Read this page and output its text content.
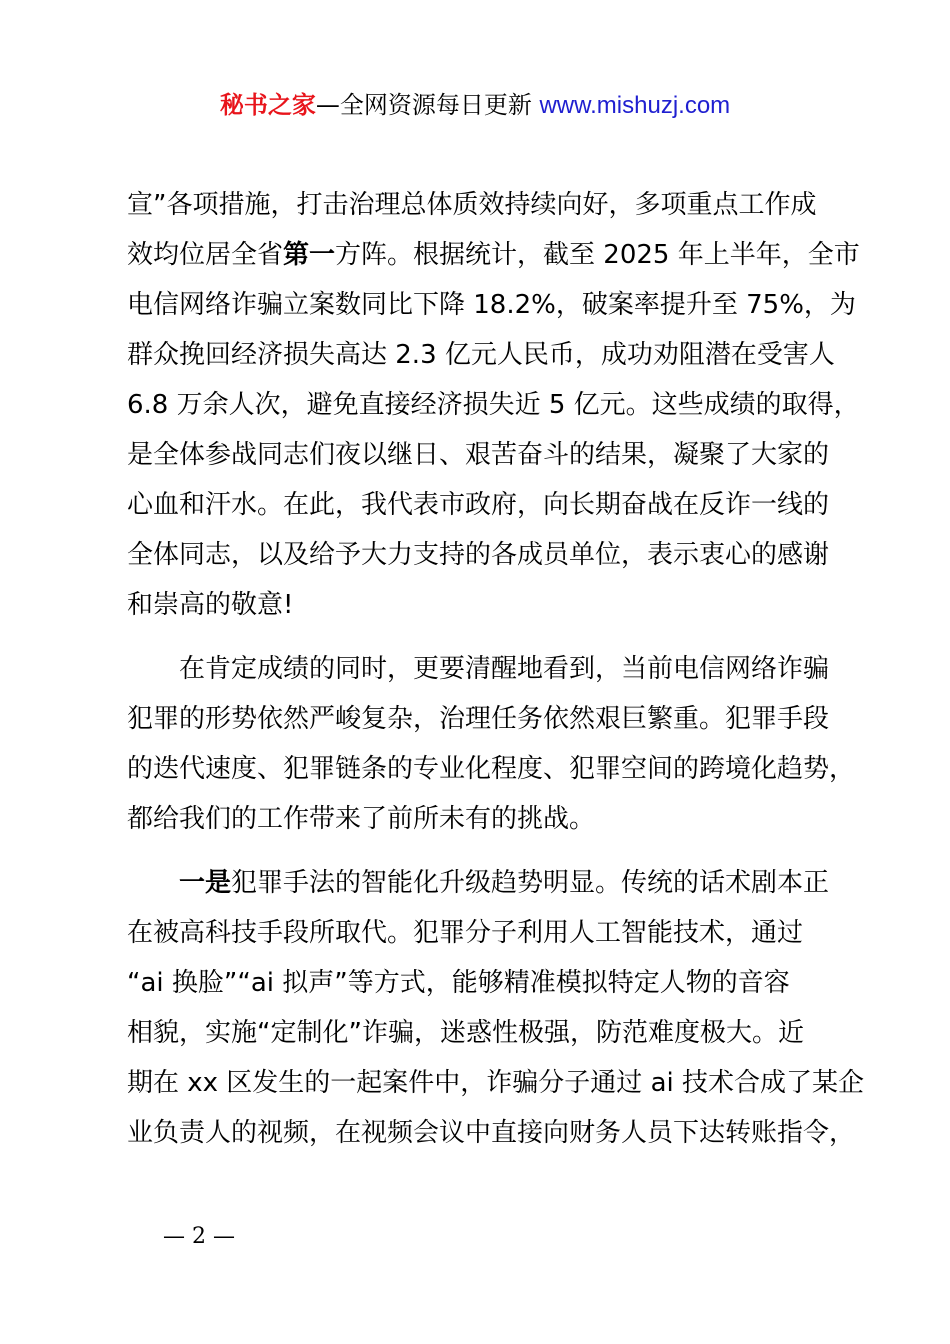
秘书之家—全网资源每日更新 www.mishuzj.com

宣”各项措施，打击治理总体质效持续向好，多项重点工作成
效均位居全省第一方阵。根据统计，截至 2025 年上半年，全市
电信网络诈骗立案数同比下降 18.2%，破案率提升至 75%，为
群众挽回经济损失高达 2.3 亿元人民币，成功劝阻潜在受害人
6.8 万余人次，避免直接经济损失近 5 亿元。这些成绩的取得，
是全体参战同志们夜以继日、艰苦奋斗的结果，凝聚了大家的
心血和汗水。在此，我代表市政府，向长期奋战在反诈一线的
全体同志，以及给予大力支持的各成员单位，表示衷心的感谢
和崇高的敬意!

在肯定成绩的同时，更要清醒地看到，当前电信网络诈骗
犯罪的形势依然严峻复杂，治理任务依然艰巨繁重。犯罪手段
的迭代速度、犯罪链条的专业化程度、犯罪空间的跨境化趋势，
都给我们的工作带来了前所未有的挑战。

一是犯罪手法的智能化升级趋势明显。传统的话术剧本正
在被高科技手段所取代。犯罪分子利用人工智能技术，通过
“ai 换脸”“ai 拟声”等方式，能够精准模拟特定人物的音容
相貌，实施“定制化”诈骗，迷惑性极强，防范难度极大。近
期在 xx 区发生的一起案件中，诈骗分子通过 ai 技术合成了某企
业负责人的视频，在视频会议中直接向财务人员下达转账指令，

— 2 —
